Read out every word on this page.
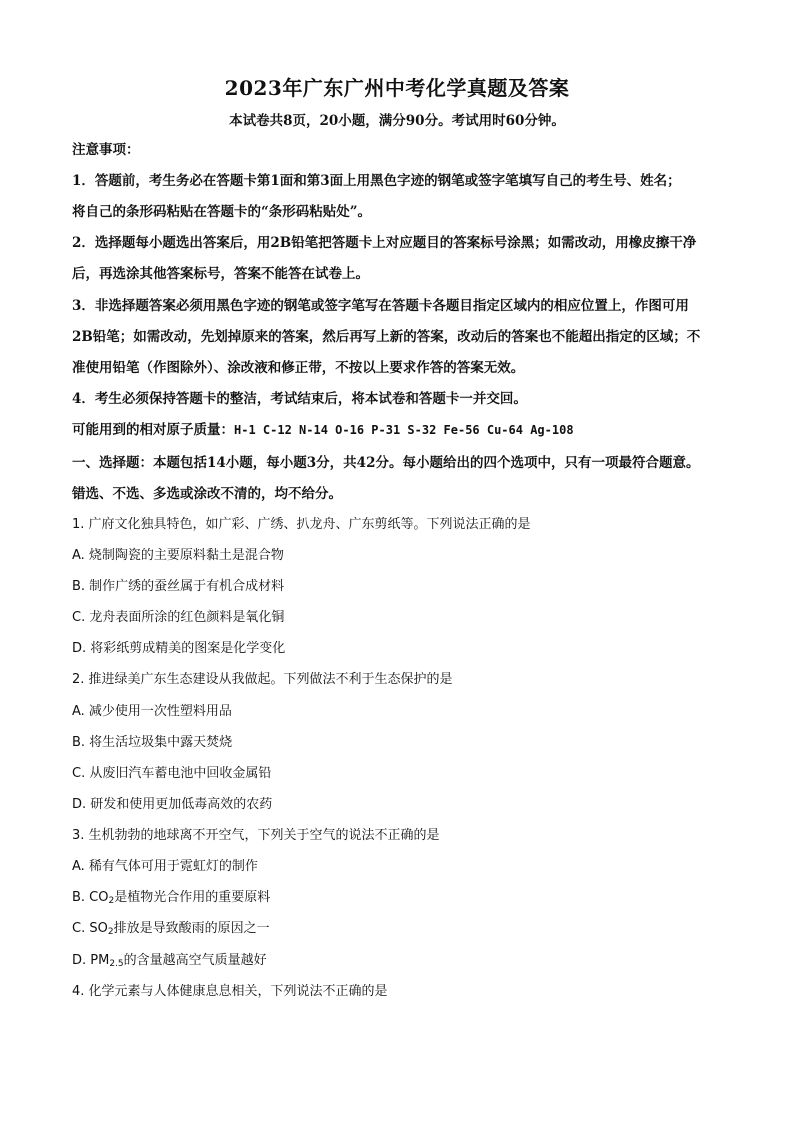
2023年广东广州中考化学真题及答案
本试卷共8页，20小题，满分90分。考试用时60分钟。
注意事项：
1．答题前，考生务必在答题卡第1面和第3面上用黑色字迹的钢笔或签字笔填写自己的考生号、姓名；
将自己的条形码粘贴在答题卡的“条形码粘贴处”。
2．选择题每小题选出答案后，用2B铅笔把答题卡上对应题目的答案标号涂黑；如需改动，用橡皮擦干净
后，再选涂其他答案标号，答案不能答在试卷上。
3．非选择题答案必须用黑色字迹的钢笔或签字笔写在答题卡各题目指定区域内的相应位置上，作图可用
2B铅笔；如需改动，先划掉原来的答案，然后再写上新的答案，改动后的答案也不能超出指定的区域；不
准使用铅笔（作图除外）、涂改液和修正带，不按以上要求作答的答案无效。
4．考生必须保持答题卡的整洁，考试结束后，将本试卷和答题卡一并交回。
可能用到的相对原子质量：H-1 C-12 N-14 O-16 P-31 S-32 Fe-56 Cu-64 Ag-108
一、选择题：本题包括14小题，每小题3分，共42分。每小题给出的四个选项中，只有一项最符合题意。
错选、不选、多选或涂改不清的，均不给分。
1. 广府文化独具特色，如广彩、广绣、扒龙舟、广东剪纸等。下列说法正确的是
A. 烧制陶瓷的主要原料黏土是混合物
B. 制作广绣的蚕丝属于有机合成材料
C. 龙舟表面所涂的红色颜料是氧化铜
D. 将彩纸剪成精美的图案是化学变化
2. 推进绿美广东生态建设从我做起。下列做法不利于生态保护的是
A. 减少使用一次性塑料用品
B. 将生活垃圾集中露天焚烧
C. 从废旧汽车蓄电池中回收金属铅
D. 研发和使用更加低毒高效的农药
3. 生机勃勃的地球离不开空气，下列关于空气的说法不正确的是
A. 稀有气体可用于霓虹灯的制作
B. $CO_2$是植物光合作用的重要原料
C. $SO_2$排放是导致酸雨的原因之一
D. $PM_{2.5}$的含量越高空气质量越好
4. 化学元素与人体健康息息相关，下列说法不正确的是
